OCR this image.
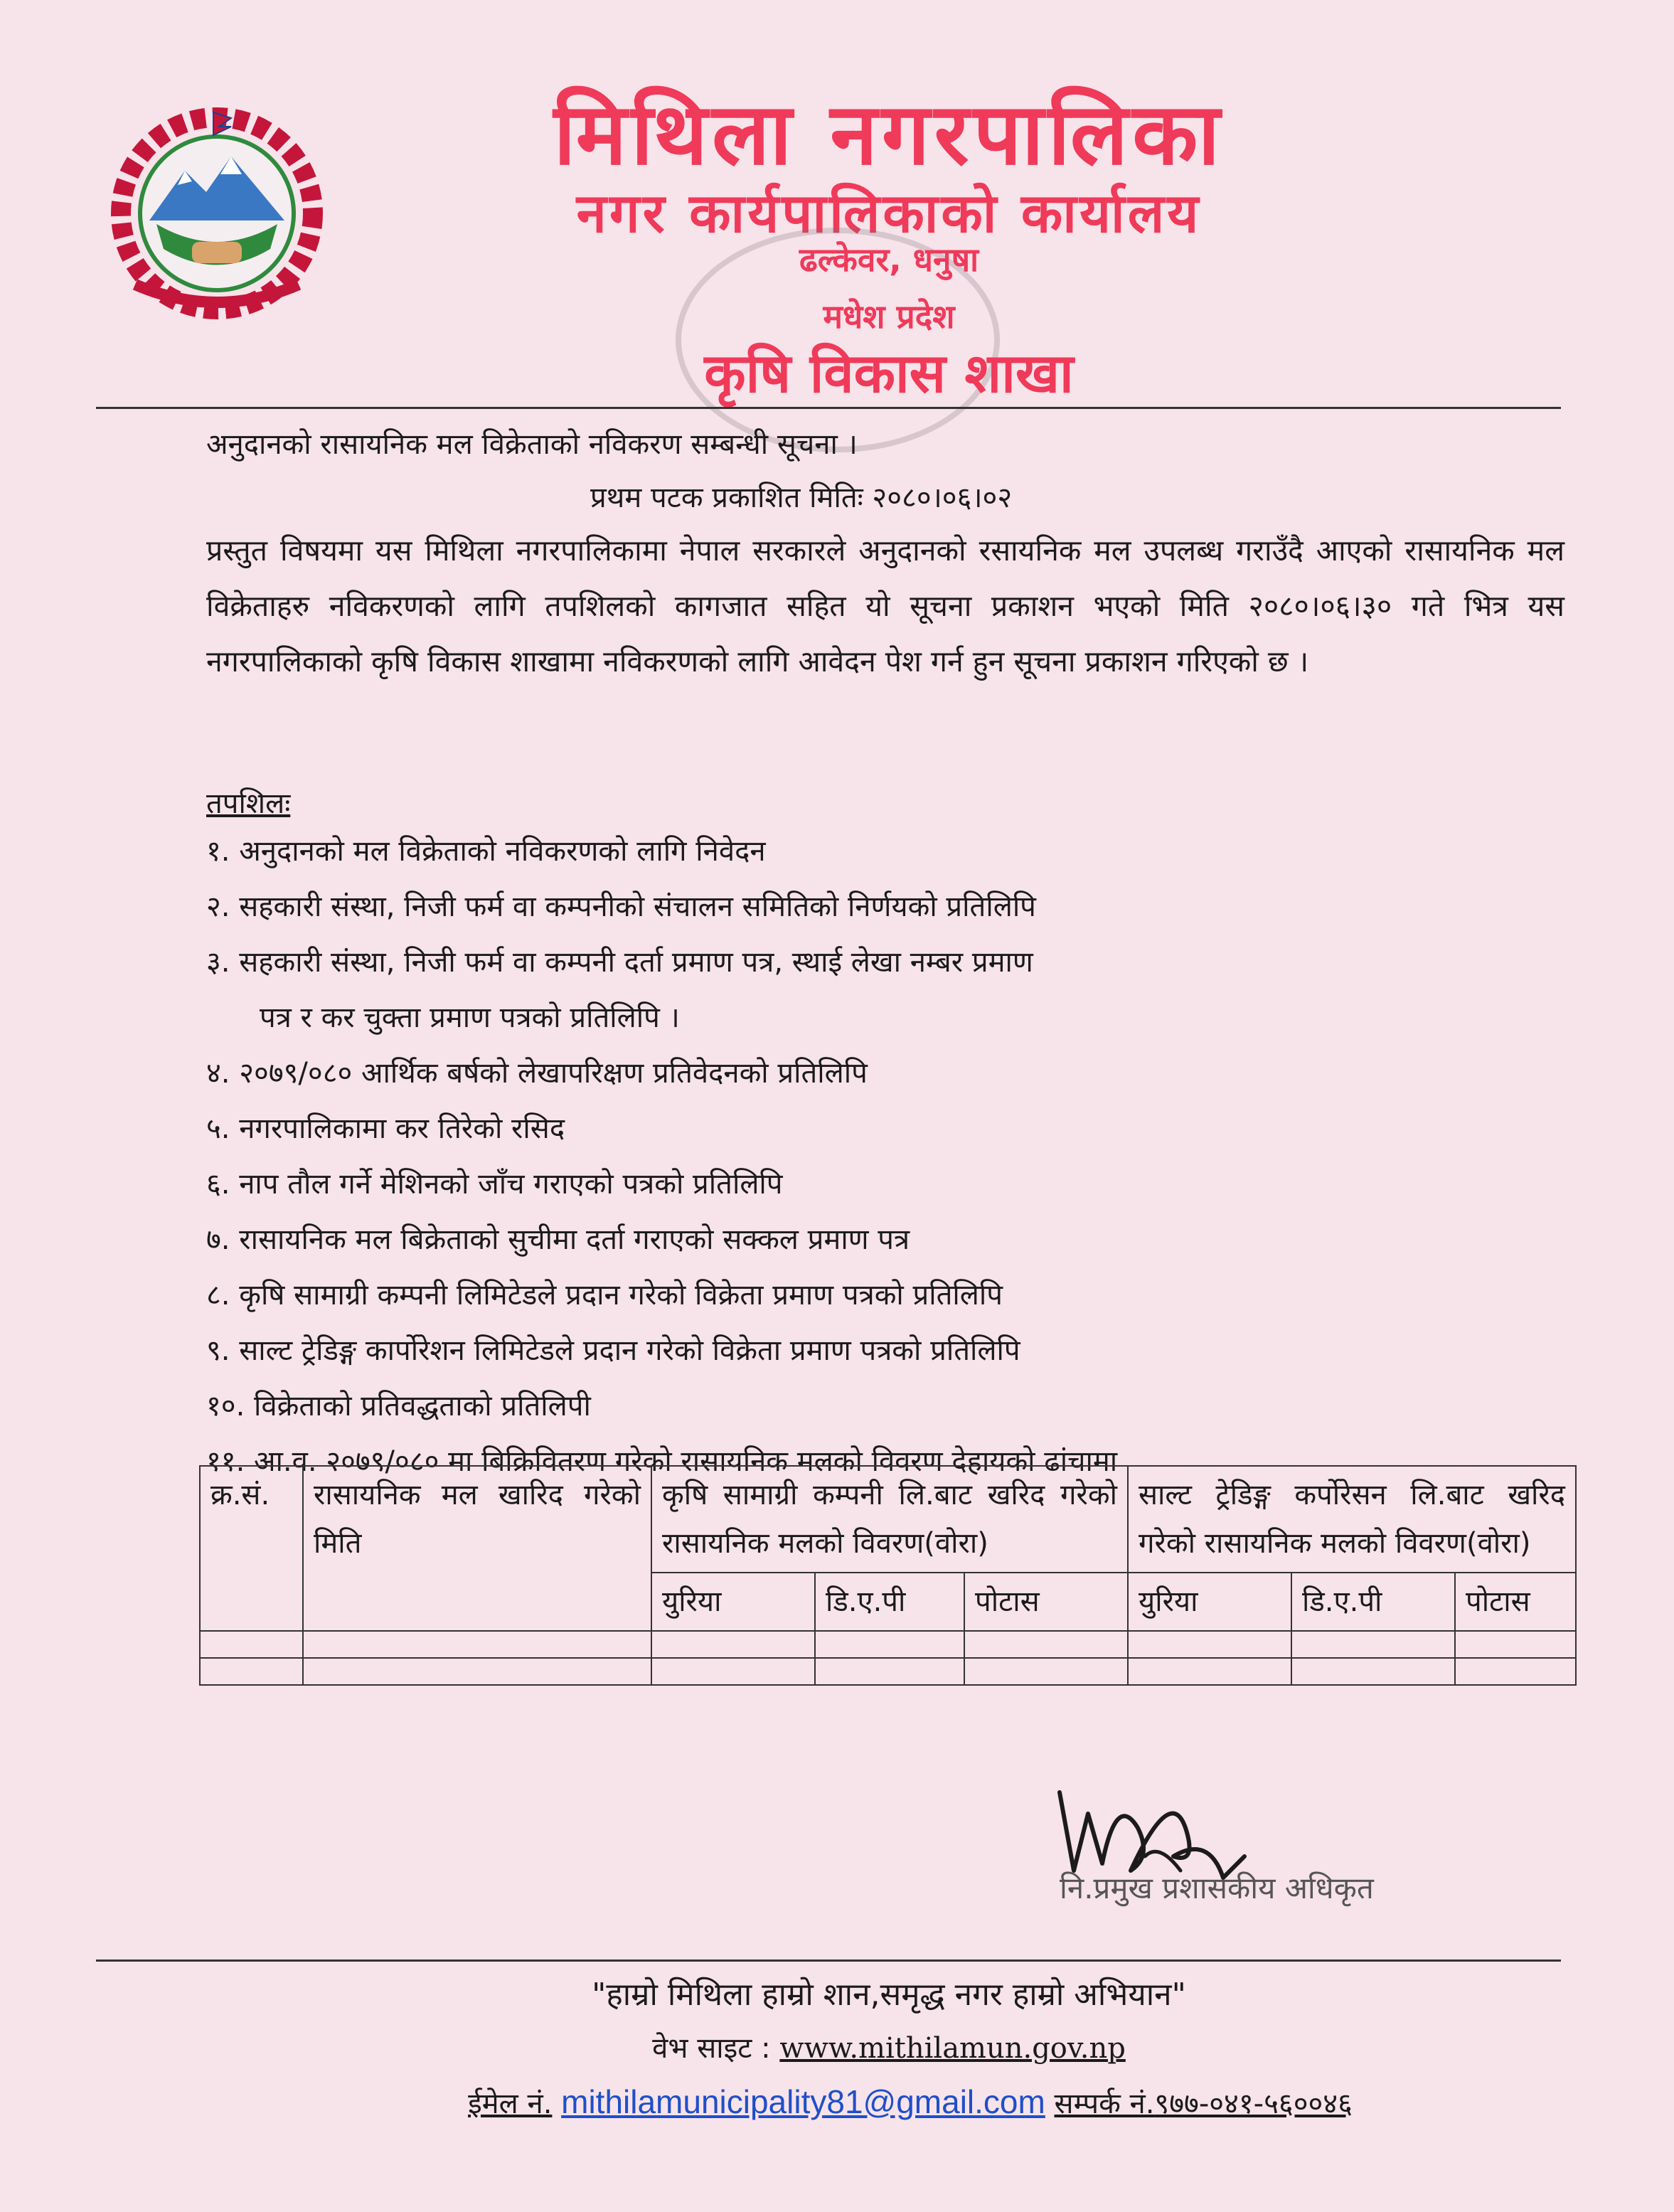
मिथिला नगरपालिका
नगर कार्यपालिकाको कार्यालय
ढल्केवर, धनुषा
मधेश प्रदेश
कृषि विकास शाखा
अनुदानको रासायनिक मल विक्रेताको नविकरण सम्बन्धी सूचना ।
प्रथम पटक प्रकाशित मितिः २०८०।०६।०२
प्रस्तुत विषयमा यस मिथिला नगरपालिकामा नेपाल सरकारले अनुदानको रसायनिक मल उपलब्ध गराउँदै आएको रासायनिक मल विक्रेताहरु नविकरणको लागि तपशिलको कागजात सहित यो सूचना प्रकाशन भएको मिति २०८०।०६।३० गते भित्र यस नगरपालिकाको कृषि विकास शाखामा नविकरणको लागि आवेदन पेश गर्न हुन सूचना प्रकाशन गरिएको छ ।
तपशिलः
१. अनुदानको मल विक्रेताको नविकरणको लागि निवेदन
२. सहकारी संस्था, निजी फर्म वा कम्पनीको संचालन समितिको निर्णयको प्रतिलिपि
३. सहकारी संस्था, निजी फर्म वा कम्पनी दर्ता प्रमाण पत्र, स्थाई लेखा नम्बर प्रमाण
पत्र र कर चुक्ता प्रमाण पत्रको प्रतिलिपि ।
४. २०७९/०८० आर्थिक बर्षको लेखापरिक्षण प्रतिवेदनको प्रतिलिपि
५. नगरपालिकामा कर तिरेको रसिद
६. नाप तौल गर्ने मेशिनको जाँच गराएको पत्रको प्रतिलिपि
७. रासायनिक मल बिक्रेताको सुचीमा दर्ता गराएको सक्कल प्रमाण पत्र
८. कृषि सामाग्री कम्पनी लिमिटेडले प्रदान गरेको विक्रेता प्रमाण पत्रको प्रतिलिपि
९. साल्ट ट्रेडिङ्ग कार्पोरेशन लिमिटेडले प्रदान गरेको विक्रेता प्रमाण पत्रको प्रतिलिपि
१०. विक्रेताको प्रतिवद्धताको प्रतिलिपी
११. आ.व. २०७९/०८० मा बिक्रिवितरण गरेको रासायनिक मलको विवरण देहायको ढांचामा
क्र.सं.	रासायनिक मल खारिद गरेको मिति	कृषि सामाग्री कम्पनी लि.बाट खरिद गरेको रासायनिक मलको विवरण(वोरा)			साल्ट ट्रेडिङ्ग कर्पोरेसन लि.बाट खरिद गरेको रासायनिक मलको विवरण(वोरा)		
		युरिया	डि.ए.पी	पोटास	युरिया	डि.ए.पी	पोटास

नि.प्रमुख प्रशासकीय अधिकृत
"हाम्रो मिथिला हाम्रो शान,समृद्ध नगर हाम्रो अभियान"
वेभ साइट : www.mithilamun.gov.np
ईमेल नं. mithilamunicipality81@gmail.com सम्पर्क नं.९७७-०४१-५६००४६
